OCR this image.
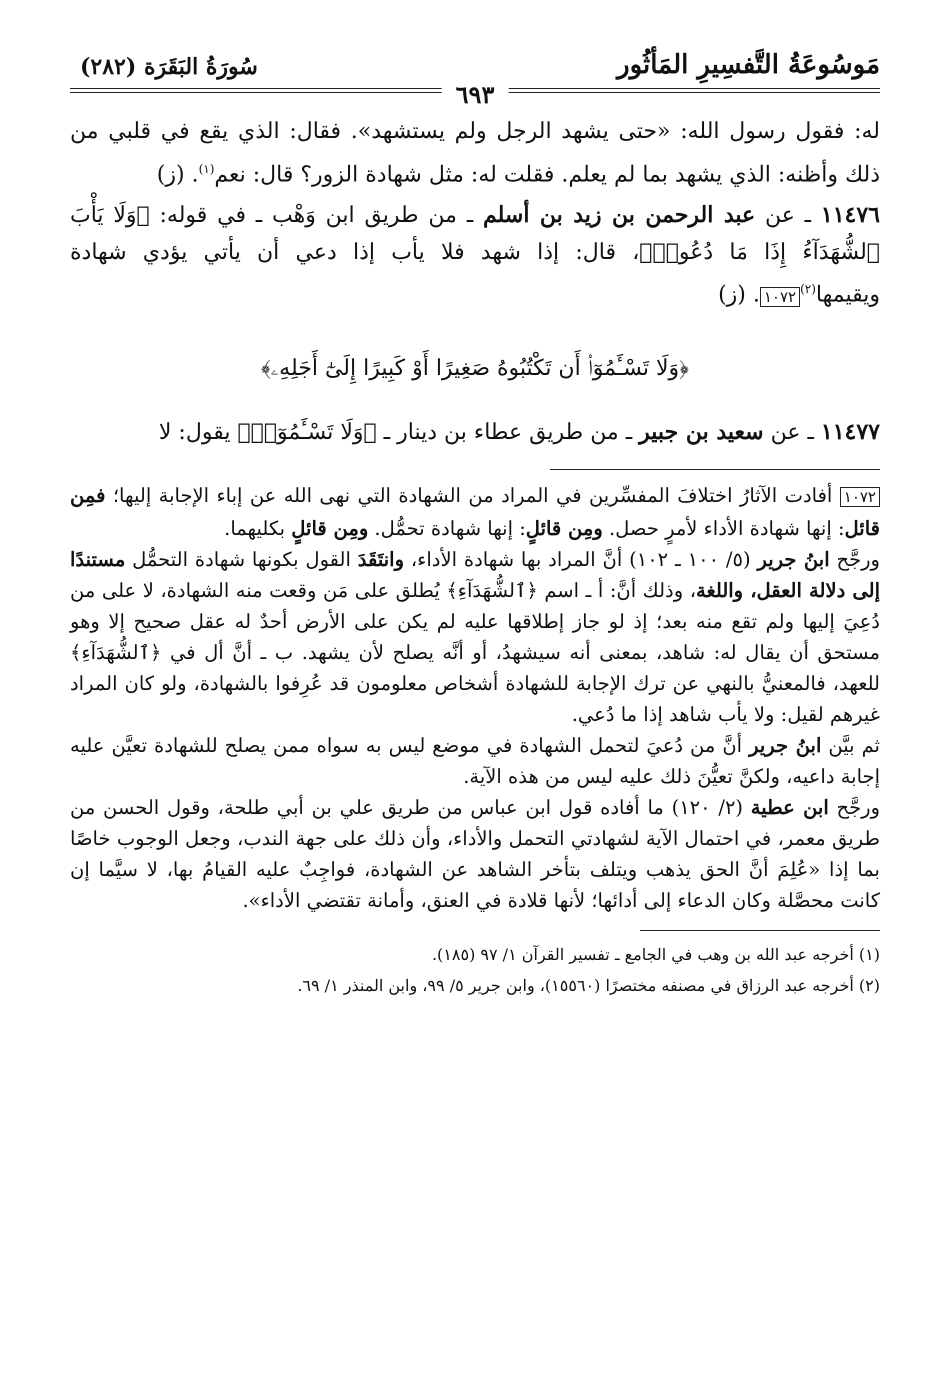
مَوسُوعَةُ التَّفسِيرِ المَأثُور
سُورَةُ البَقَرَة (٢٨٢)
٦٩٣

له: فقول رسول الله: «حتى يشهد الرجل ولم يستشهد». فقال: الذي يقع في قلبي من ذلك وأظنه: الذي يشهد بما لم يعلم. فقلت له: مثل شهادة الزور؟ قال: نعم$^{(١)}$. (ز)

١١٤٧٦ ـ عن عبد الرحمن بن زيد بن أسلم ـ من طريق ابن وَهْب ـ في قوله: ﴿وَلَا يَأْبَ ٱلشُّهَدَآءُ إِذَا مَا دُعُوا۟﴾، قال: إذا شهد فلا يأب إذا دعي أن يأتي يؤدي شهادة ويقيمها$^{(٢)}$١٠٧٢. (ز)

﴿وَلَا تَسْـَٔمُوٓا۟ أَن تَكْتُبُوهُ صَغِيرًا أَوْ كَبِيرًا إِلَىٰٓ أَجَلِهِۦ﴾

١١٤٧٧ ـ عن سعيد بن جبير ـ من طريق عطاء بن دينار ـ ﴿وَلَا تَسْـَٔمُوٓا۟﴾ يقول: لا

١٠٧٢ أفادت الآثارُ اختلافَ المفسِّرين في المراد من الشهادة التي نهى الله عن إباء الإجابة إليها؛ فمِن قائل: إنها شهادة الأداء لأمرٍ حصل. ومِن قائلٍ: إنها شهادة تحمُّل. ومِن قائلٍ بكليهما.

ورجَّح ابنُ جرير (٥/ ١٠٠ ـ ١٠٢) أنَّ المراد بها شهادة الأداء، وانتَقَدَ القول بكونها شهادة التحمُّل مستندًا إلى دلالة العقل، واللغة، وذلك أنَّ: أ ـ اسم ﴿ٱلشُّهَدَآءِ﴾ يُطلق على مَن وقعت منه الشهادة، لا على من دُعِيَ إليها ولم تقع منه بعد؛ إذ لو جاز إطلاقها عليه لم يكن على الأرض أحدٌ له عقل صحيح إلا وهو مستحق أن يقال له: شاهد، بمعنى أنه سيشهدُ، أو أنَّه يصلح لأن يشهد. ب ـ أنَّ أل في ﴿ٱلشُّهَدَآءِ﴾ للعهد، فالمعنيُّ بالنهي عن ترك الإجابة للشهادة أشخاص معلومون قد عُرِفوا بالشهادة، ولو كان المراد غيرهم لقيل: ولا يأب شاهد إذا ما دُعي.

ثم بيَّن ابنُ جرير أنَّ من دُعيَ لتحمل الشهادة في موضع ليس به سواه ممن يصلح للشهادة تعيَّن عليه إجابة داعيه، ولكنَّ تعيُّنَ ذلك عليه ليس من هذه الآية.

ورجَّح ابن عطية (٢/ ١٢٠) ما أفاده قول ابن عباس من طريق علي بن أبي طلحة، وقول الحسن من طريق معمر، في احتمال الآية لشهادتي التحمل والأداء، وأن ذلك على جهة الندب، وجعل الوجوب خاصًا بما إذا «عُلِمَ أنَّ الحق يذهب ويتلف بتأخر الشاهد عن الشهادة، فواجِبٌ عليه القيامُ بها، لا سيَّما إن كانت محصَّلة وكان الدعاء إلى أدائها؛ لأنها قلادة في العنق، وأمانة تقتضي الأداء».

(١) أخرجه عبد الله بن وهب في الجامع ـ تفسير القرآن ١/ ٩٧ (١٨٥).

(٢) أخرجه عبد الرزاق في مصنفه مختصرًا (١٥٥٦٠)، وابن جرير ٥/ ٩٩، وابن المنذر ١/ ٦٩.
